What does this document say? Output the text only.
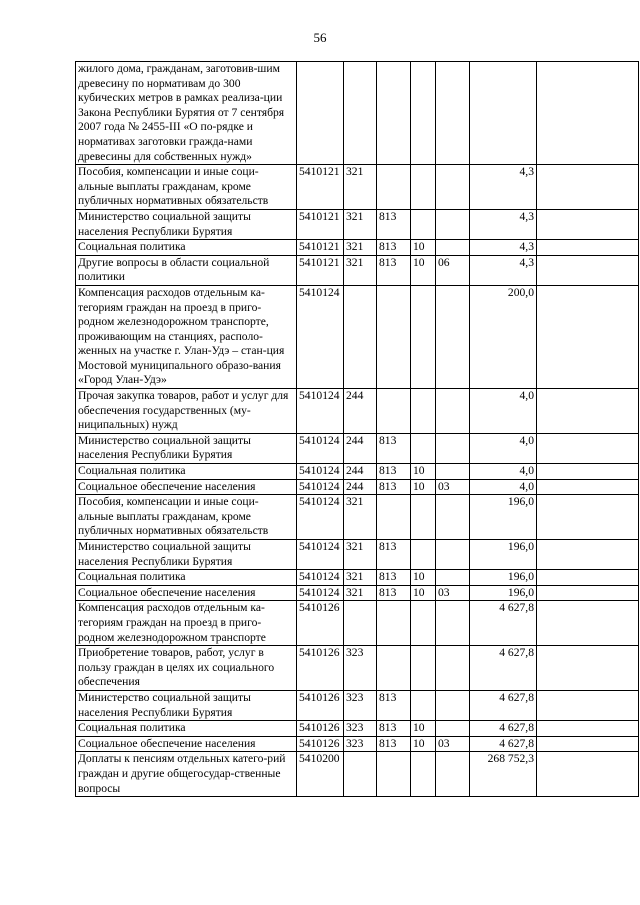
56
жилого дома, гражданам, заготовив-шим древесину по нормативам до 300 кубических метров в рамках реализа-ции Закона Республики Бурятия от 7 сентября 2007 года № 2455-III «О по-рядке и нормативах заготовки гражда-нами древесины для собственных нужд»							
Пособия, компенсации и иные соци-альные выплаты гражданам, кроме публичных нормативных обязательств	5410121	321				4,3	
Министерство социальной защиты населения Республики Бурятия	5410121	321	813			4,3	
Социальная политика	5410121	321	813	10		4,3	
Другие вопросы в области социальной политики	5410121	321	813	10	06	4,3	
Компенсация расходов отдельным ка-тегориям граждан на проезд в приго-родном железнодорожном транспорте, проживающим на станциях, располо-женных на участке г. Улан-Удэ – стан-ция Мостовой муниципального образо-вания «Город Улан-Удэ»	5410124					200,0	
Прочая закупка товаров, работ и услуг для обеспечения государственных (му-ниципальных) нужд	5410124	244				4,0	
Министерство социальной защиты населения Республики Бурятия	5410124	244	813			4,0	
Социальная политика	5410124	244	813	10		4,0	
Социальное обеспечение населения	5410124	244	813	10	03	4,0	
Пособия, компенсации и иные соци-альные выплаты гражданам, кроме публичных нормативных обязательств	5410124	321				196,0	
Министерство социальной защиты населения Республики Бурятия	5410124	321	813			196,0	
Социальная политика	5410124	321	813	10		196,0	
Социальное обеспечение населения	5410124	321	813	10	03	196,0	
Компенсация расходов отдельным ка-тегориям граждан на проезд в приго-родном железнодорожном транспорте	5410126					4 627,8	
Приобретение товаров, работ, услуг в пользу граждан в целях их социального обеспечения	5410126	323				4 627,8	
Министерство социальной защиты населения Республики Бурятия	5410126	323	813			4 627,8	
Социальная политика	5410126	323	813	10		4 627,8	
Социальное обеспечение населения	5410126	323	813	10	03	4 627,8	
Доплаты к пенсиям отдельных катего-рий граждан и другие общегосудар-ственные вопросы	5410200					268 752,3	
